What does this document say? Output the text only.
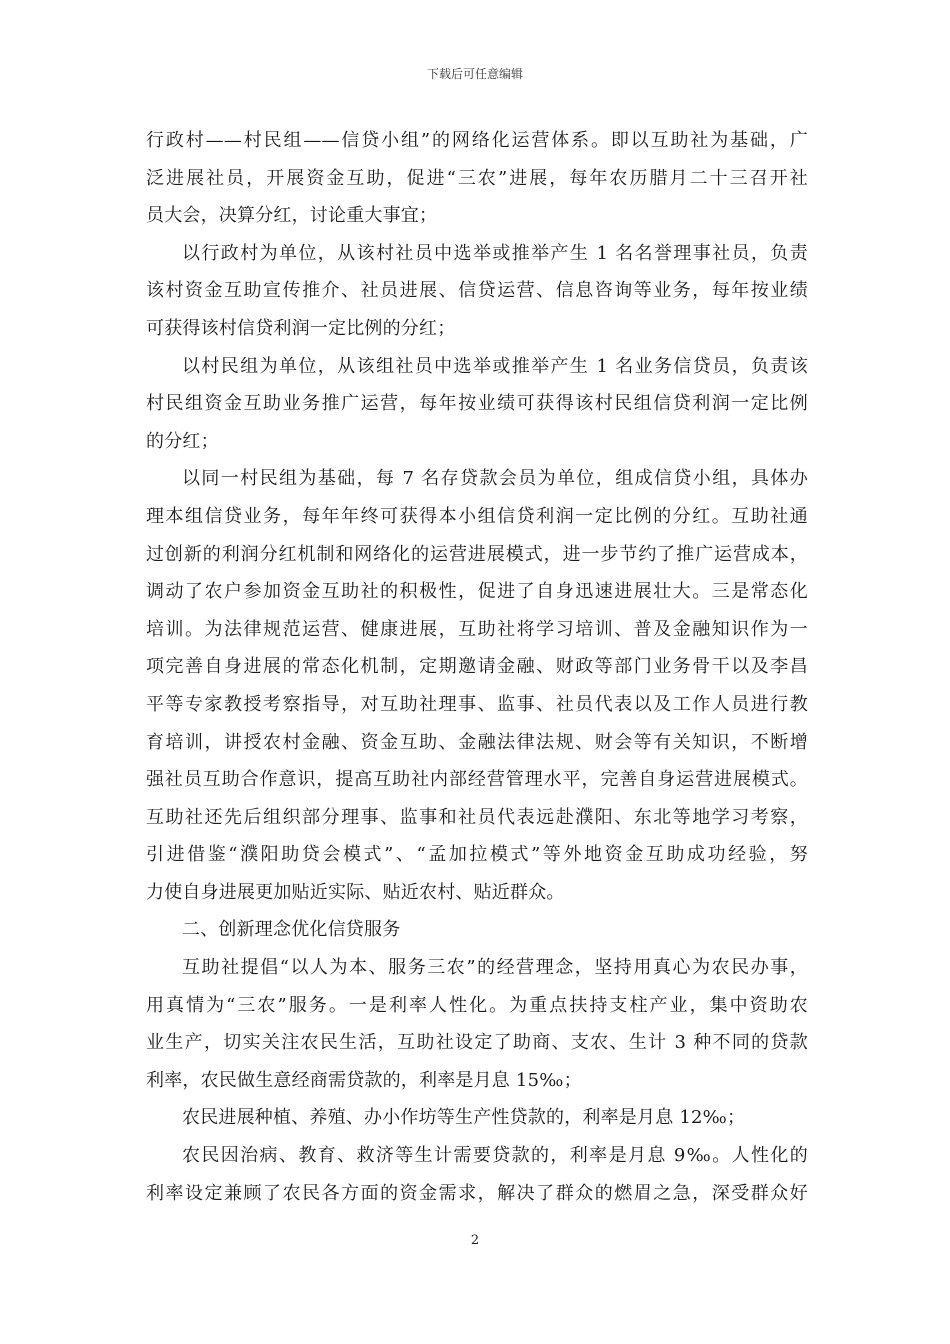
下载后可任意编辑
行政村——村民组——信贷小组”的网络化运营体系。即以互助社为基础，广
泛进展社员，开展资金互助，促进“三农”进展，每年农历腊月二十三召开社
员大会，决算分红，讨论重大事宜；
以行政村为单位，从该村社员中选举或推举产生 1 名名誉理事社员，负责
该村资金互助宣传推介、社员进展、信贷运营、信息咨询等业务，每年按业绩
可获得该村信贷利润一定比例的分红；
以村民组为单位，从该组社员中选举或推举产生 1 名业务信贷员，负责该
村民组资金互助业务推广运营，每年按业绩可获得该村民组信贷利润一定比例
的分红；
以同一村民组为基础，每 7 名存贷款会员为单位，组成信贷小组，具体办
理本组信贷业务，每年年终可获得本小组信贷利润一定比例的分红。互助社通
过创新的利润分红机制和网络化的运营进展模式，进一步节约了推广运营成本，
调动了农户参加资金互助社的积极性，促进了自身迅速进展壮大。三是常态化
培训。为法律规范运营、健康进展，互助社将学习培训、普及金融知识作为一
项完善自身进展的常态化机制，定期邀请金融、财政等部门业务骨干以及李昌
平等专家教授考察指导，对互助社理事、监事、社员代表以及工作人员进行教
育培训，讲授农村金融、资金互助、金融法律法规、财会等有关知识，不断增
强社员互助合作意识，提高互助社内部经营管理水平，完善自身运营进展模式。
互助社还先后组织部分理事、监事和社员代表远赴濮阳、东北等地学习考察，
引进借鉴“濮阳助贷会模式”、“孟加拉模式”等外地资金互助成功经验，努
力使自身进展更加贴近实际、贴近农村、贴近群众。
二、创新理念优化信贷服务
互助社提倡“以人为本、服务三农”的经营理念，坚持用真心为农民办事，
用真情为“三农”服务。一是利率人性化。为重点扶持支柱产业，集中资助农
业生产，切实关注农民生活，互助社设定了助商、支农、生计 3 种不同的贷款
利率，农民做生意经商需贷款的，利率是月息 15‰；
农民进展种植、养殖、办小作坊等生产性贷款的，利率是月息 12‰；
农民因治病、教育、救济等生计需要贷款的，利率是月息 9‰。人性化的
利率设定兼顾了农民各方面的资金需求，解决了群众的燃眉之急，深受群众好
2
